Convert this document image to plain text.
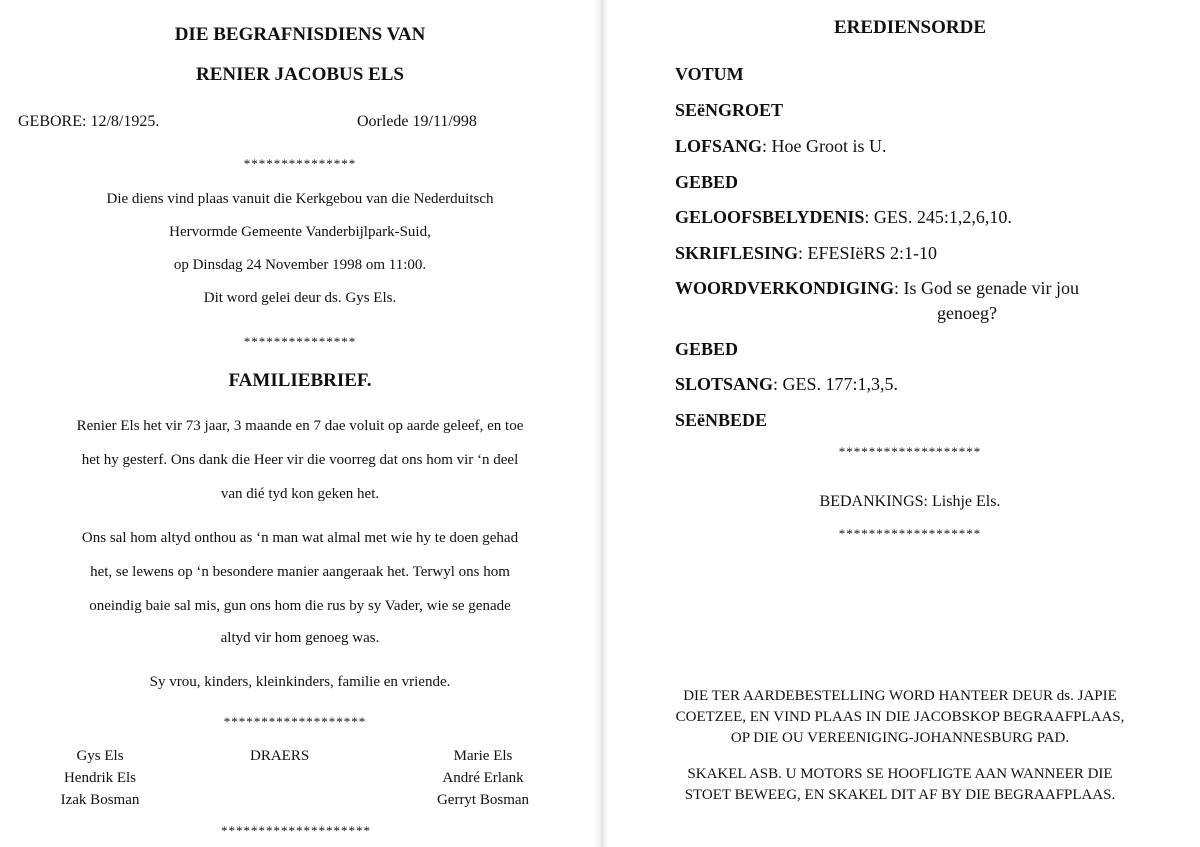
DIE BEGRAFNISDIENS VAN
RENIER JACOBUS ELS
GEBORE: 12/8/1925.	Oorlede 19/11/998
***************
Die diens vind plaas vanuit die Kerkgebou van die Nederduitsch
Hervormde Gemeente Vanderbijlpark-Suid,
op Dinsdag 24 November 1998 om 11:00.
Dit word gelei deur ds. Gys Els.
***************
FAMILIEBRIEF.
Renier Els het vir 73 jaar, 3 maande en 7 dae voluit op aarde geleef, en toe
het hy gesterf. Ons dank die Heer vir die voorreg dat ons hom vir ‘n deel
van dié tyd kon geken het.
Ons sal hom altyd onthou as ‘n man wat almal met wie hy te doen gehad
het, se lewens op ‘n besondere manier aangeraak het. Terwyl ons hom
oneindig baie sal mis, gun ons hom die rus by sy Vader, wie se genade
altyd vir hom genoeg was.
Sy vrou, kinders, kleinkinders, familie en vriende.
*******************
Gys Els
Hendrik Els
Izak Bosman
DRAERS	Marie Els
André Erlank
Gerryt Bosman
********************
EREDIENSORDE
VOTUM
SEëNGROET
LOFSANG: Hoe Groot is U.
GEBED
GELOOFSBELYDENIS: GES. 245:1,2,6,10.
SKRIFLESING: EFESIëRS 2:1-10
WOORDVERKONDIGING: Is God se genade vir jou
genoeg?
GEBED
SLOTSANG: GES. 177:1,3,5.
SEëNBEDE
*******************
BEDANKINGS: Lishje Els.
*******************
DIE TER AARDEBESTELLING WORD HANTEER DEUR ds. JAPIE
COETZEE, EN VIND PLAAS IN DIE JACOBSKOP BEGRAAFPLAAS,
OP DIE OU VEREENIGING-JOHANNESBURG PAD.
SKAKEL ASB. U MOTORS SE HOOFLIGTE AAN WANNEER DIE
STOET BEWEEG, EN SKAKEL DIT AF BY DIE BEGRAAFPLAAS.
